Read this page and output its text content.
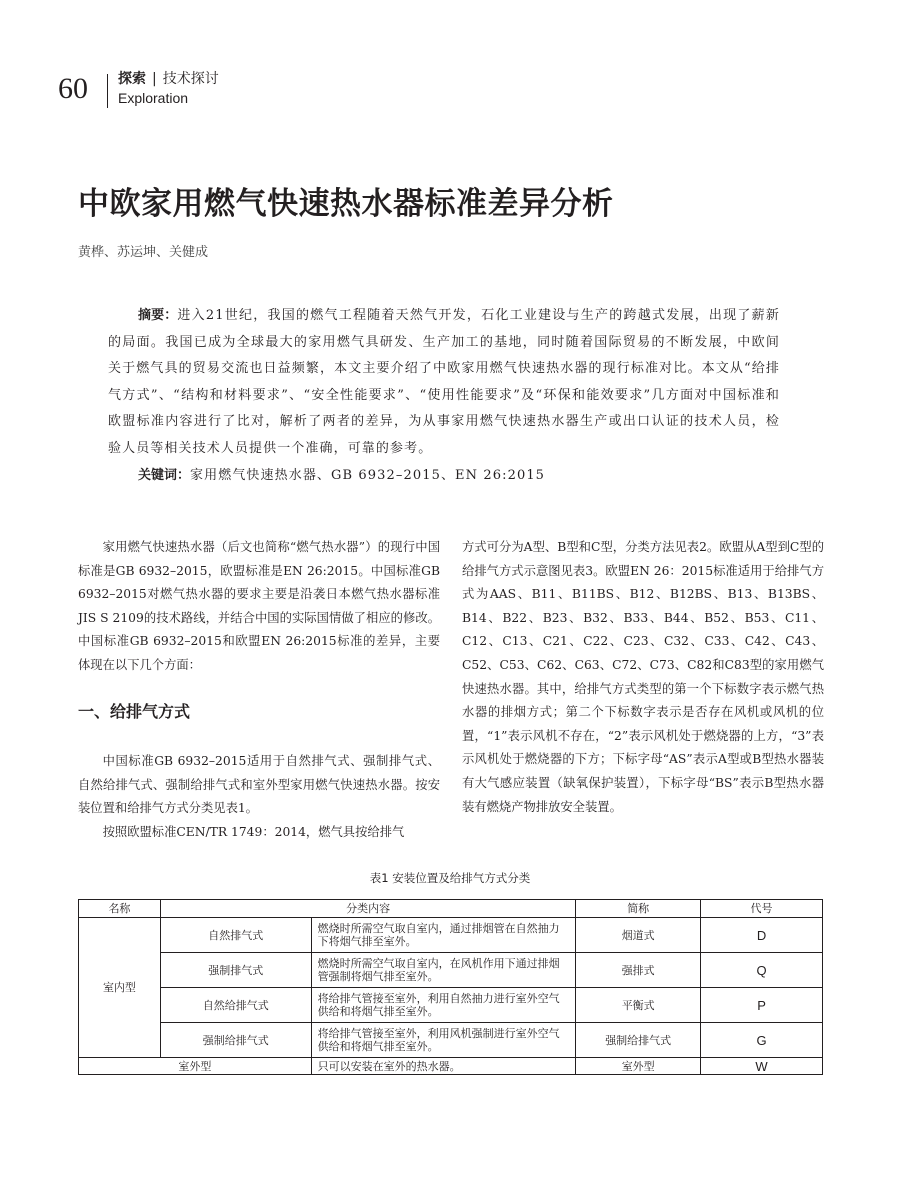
60 探索 | 技术探讨
Exploration
中欧家用燃气快速热水器标准差异分析
黄桦、苏运坤、关健成

摘要：进入21世纪，我国的燃气工程随着天然气开发，石化工业建设与生产的跨越式发展，出现了薪新的局面。我国已成为全球最大的家用燃气具研发、生产加工的基地，同时随着国际贸易的不断发展，中欧间关于燃气具的贸易交流也日益频繁，本文主要介绍了中欧家用燃气快速热水器的现行标准对比。本文从“给排气方式”、“结构和材料要求”、“安全性能要求”、“使用性能要求”及“环保和能效要求”几方面对中国标准和欧盟标准内容进行了比对，解析了两者的差异，为从事家用燃气快速热水器生产或出口认证的技术人员，检验人员等相关技术人员提供一个准确，可靠的参考。

关键词：家用燃气快速热水器、GB 6932–2015、EN 26:2015

家用燃气快速热水器（后文也简称“燃气热水器”）的现行中国标准是GB 6932–2015，欧盟标准是EN 26:2015。中国标准GB 6932–2015对燃气热水器的要求主要是沿袭日本燃气热水器标准JIS S 2109的技术路线，并结合中国的实际国情做了相应的修改。中国标准GB 6932–2015和欧盟EN 26:2015标准的差异，主要体现在以下几个方面：

一、给排气方式

中国标准GB 6932–2015适用于自然排气式、强制排气式、自然给排气式、强制给排气式和室外型家用燃气快速热水器。按安装位置和给排气方式分类见表1。

按照欧盟标准CEN/TR 1749：2014，燃气具按给排气

方式可分为A型、B型和C型，分类方法见表2。欧盟从A型到C型的给排气方式示意图见表3。欧盟EN 26：2015标准适用于给排气方式为AAS、B11、B11BS、B12、B12BS、B13、B13BS、B14、B22、B23、B32、B33、B44、B52、B53、C11、C12、C13、C21、C22、C23、C32、C33、C42、C43、C52、C53、C62、C63、C72、C73、C82和C83型的家用燃气快速热水器。其中，给排气方式类型的第一个下标数字表示燃气热水器的排烟方式；第二个下标数字表示是否存在风机或风机的位置，“1”表示风机不存在，“2”表示风机处于燃烧器的上方，“3”表示风机处于燃烧器的下方；下标字母“AS”表示A型或B型热水器装有大气感应装置（缺氧保护装置），下标字母“BS”表示B型热水器装有燃烧产物排放安全装置。

表1 安装位置及给排气方式分类
名称	分类内容		简称	代号
室内型	自然排气式	燃烧时所需空气取自室内，通过排烟管在自然抽力下将烟气排至室外。	烟道式	D
	强制排气式	燃烧时所需空气取自室内，在风机作用下通过排烟管强制将烟气排至室外。	强排式	Q
	自然给排气式	将给排气管接至室外，利用自然抽力进行室外空气供给和将烟气排至室外。	平衡式	P
	强制给排气式	将给排气管接至室外，利用风机强制进行室外空气供给和将烟气排至室外。	强制给排气式	G
室外型		只可以安装在室外的热水器。	室外型	W
